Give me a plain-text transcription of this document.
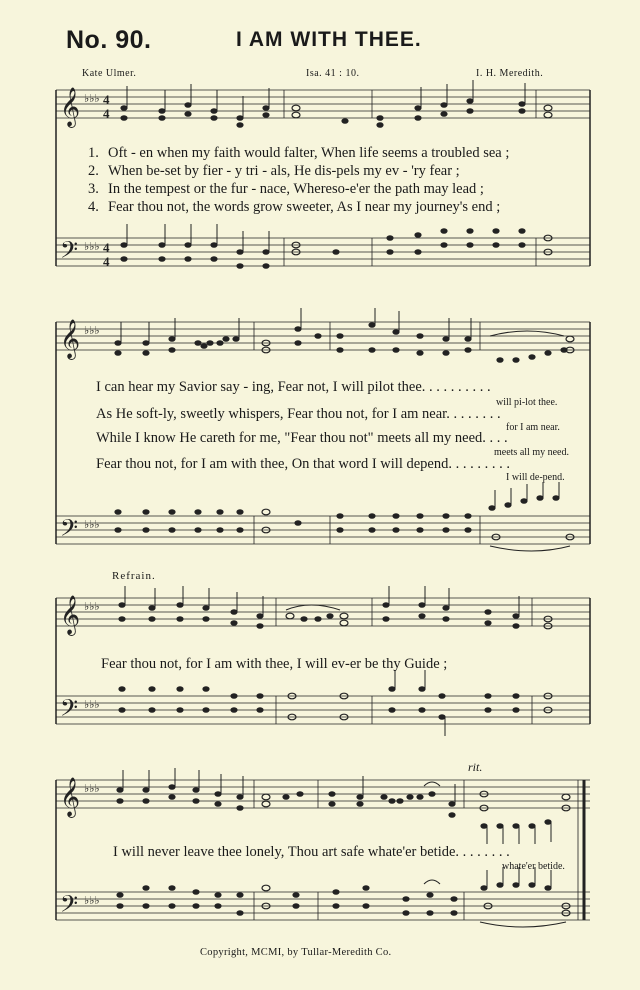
No. 90.	I AM WITH THEE.
Kate Ulmer.	Isa. 41 : 10.	I. H. Meredith.
𝄞
𝄢
♭♭♭
♭♭♭
4
4
4
4
1. Oft - en when my faith would falter, When life seems a troubled sea ;
2. When be-set by fier - y tri - als, He dis-pels my ev - 'ry fear ;
3. In the tempest or the fur - nace, Whereso-e'er the path may lead ;
4. Fear thou not, the words grow sweeter, As I near my journey's end ;
𝄞
𝄢
♭♭♭
♭♭♭
I can hear my Savior say - ing, Fear not, I will pilot thee. . . . . . . . . .
will pi-lot thee.
As He soft-ly, sweetly whispers, Fear thou not, for I am near. . . . . . . .
for I am near.
While I know He careth for me, "Fear thou not" meets all my need. . . .
meets all my need.
Fear thou not, for I am with thee, On that word I will depend. . . . . . . . .
I will de-pend.
Refrain.
𝄞
𝄢
♭♭♭
♭♭♭
Fear thou not, for I am with thee, I will ev-er be thy Guide ;
rit.
𝄞
𝄢
♭♭♭
♭♭♭
I will never leave thee lonely, Thou art safe whate'er betide. . . . . . . .
whate'er betide.
Copyright, MCMI, by Tullar-Meredith Co.
